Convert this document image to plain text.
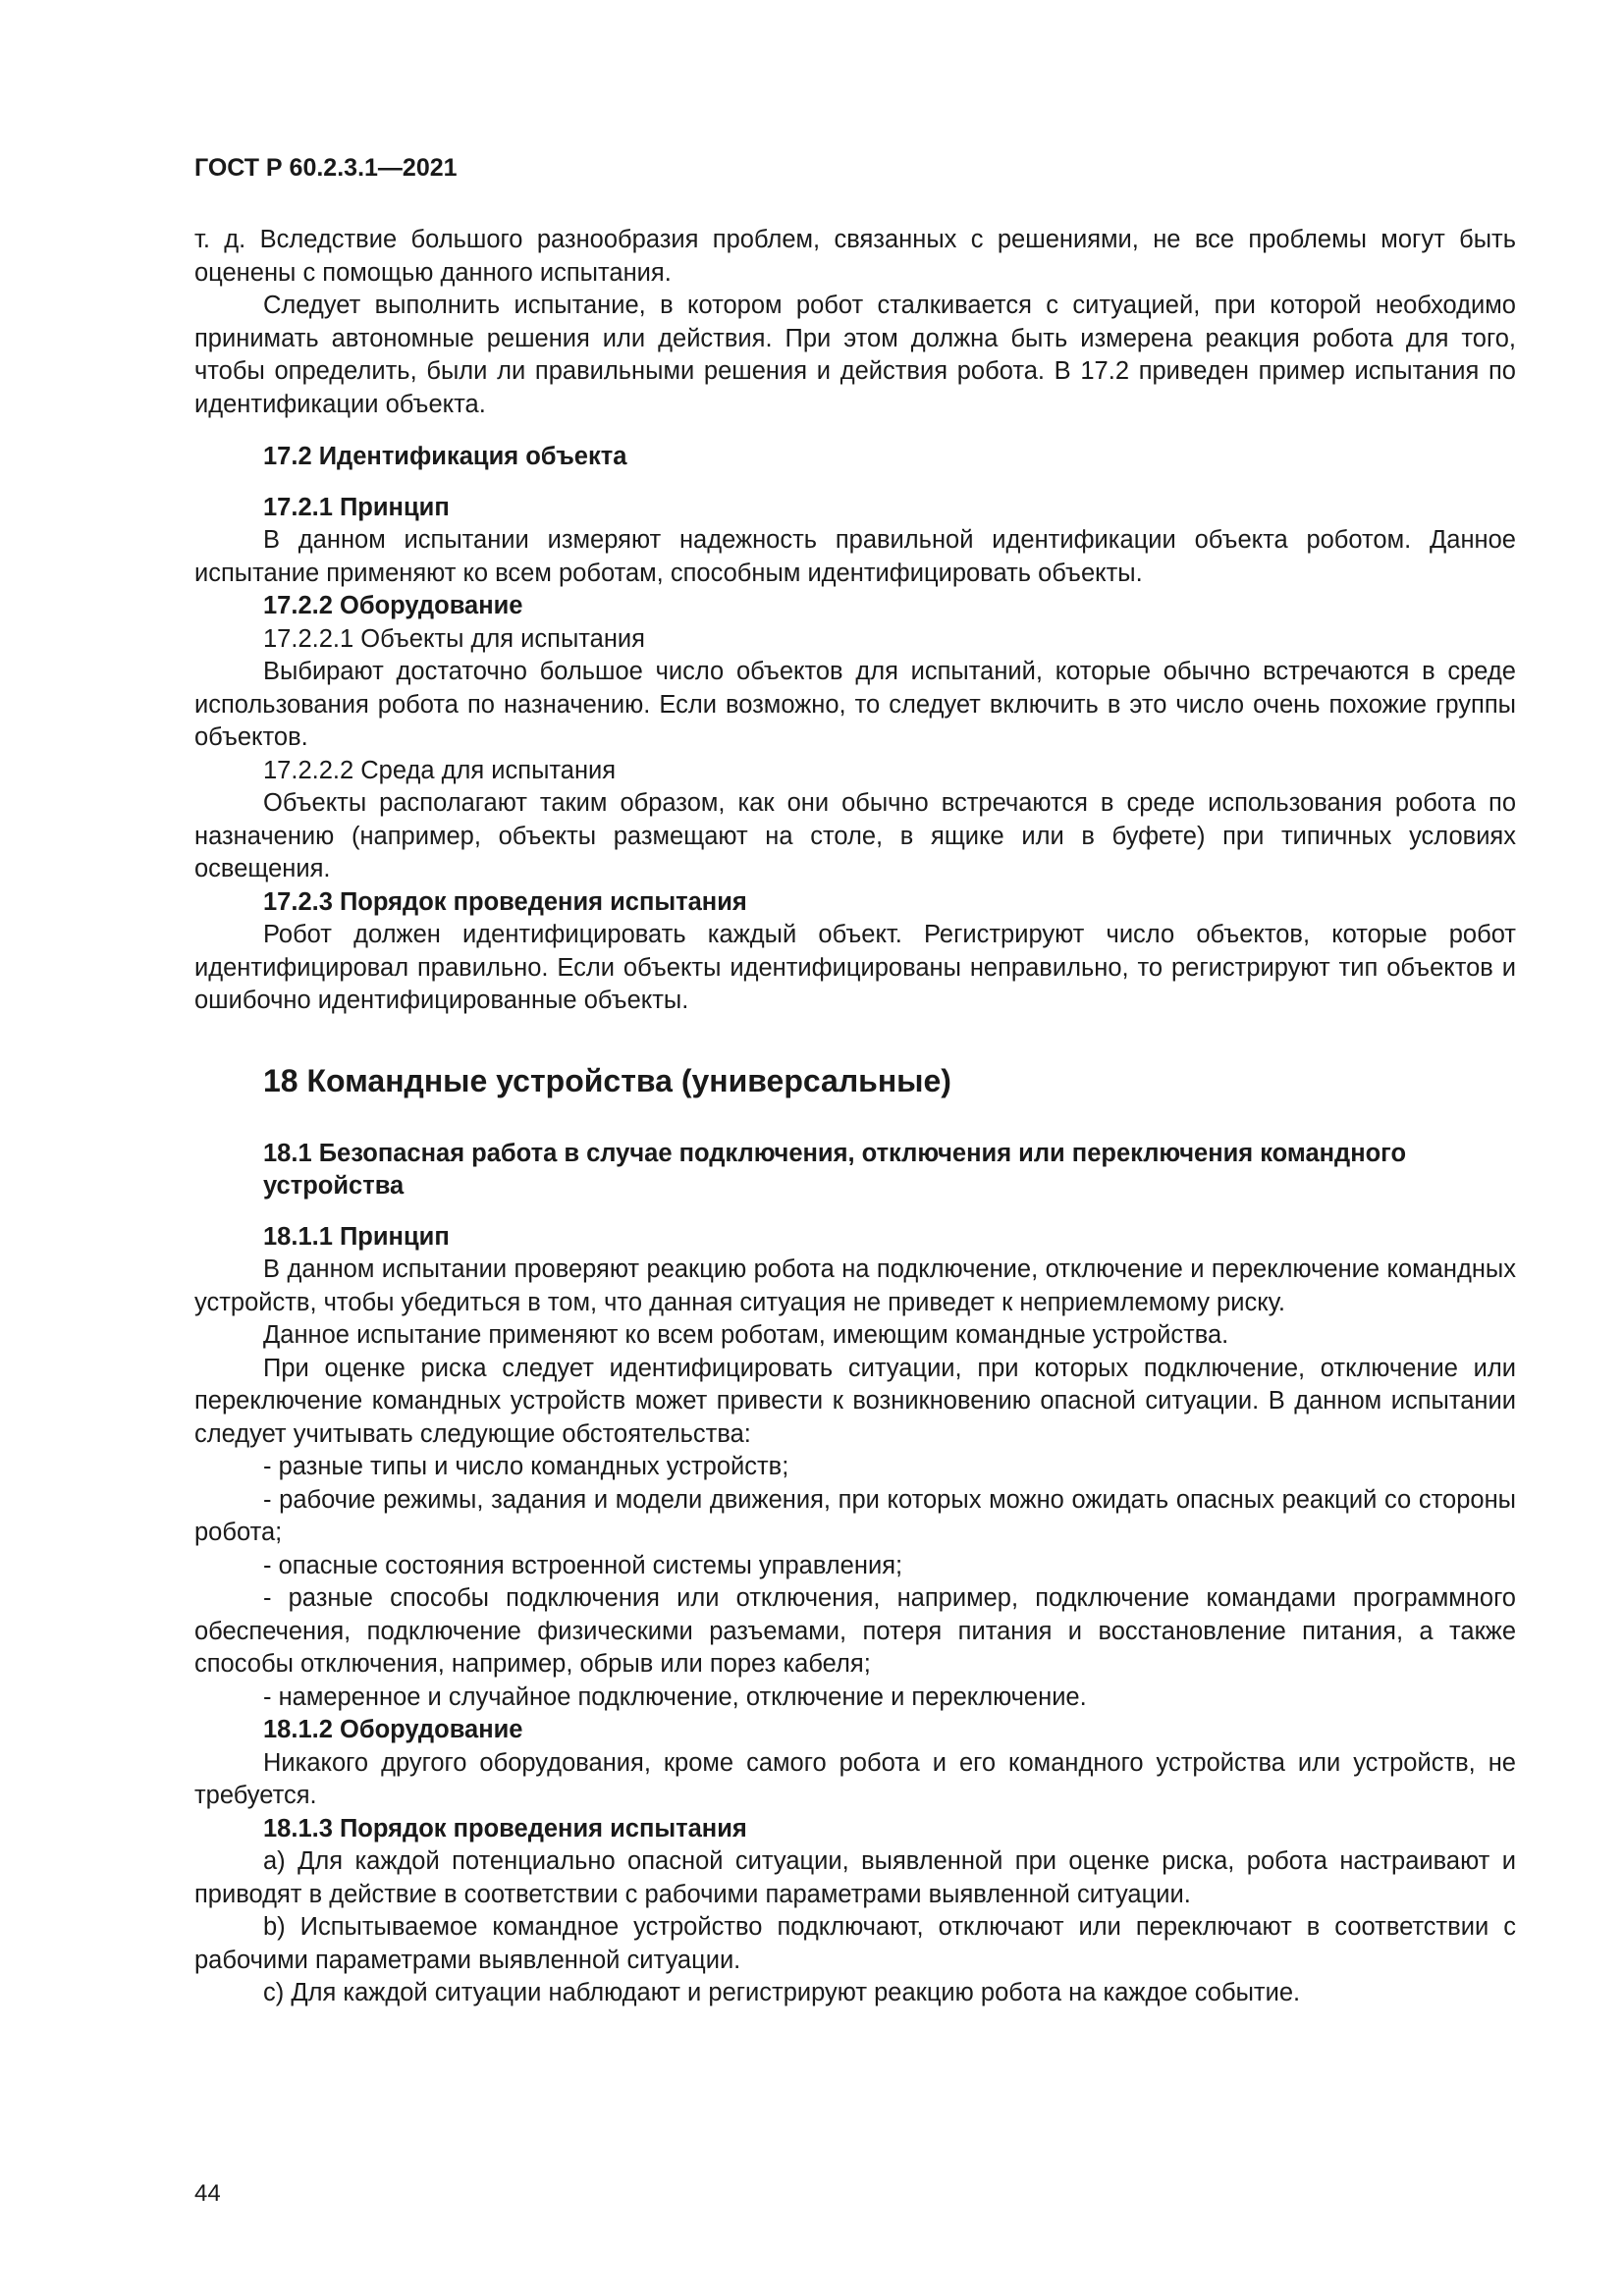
ГОСТ Р 60.2.3.1—2021

т. д. Вследствие большого разнообразия проблем, связанных с решениями, не все проблемы могут быть оценены с помощью данного испытания.

Следует выполнить испытание, в котором робот сталкивается с ситуацией, при которой необходимо принимать автономные решения или действия. При этом должна быть измерена реакция робота для того, чтобы определить, были ли правильными решения и действия робота. В 17.2 приведен пример испытания по идентификации объекта.

17.2 Идентификация объекта

17.2.1 Принцип

В данном испытании измеряют надежность правильной идентификации объекта роботом. Данное испытание применяют ко всем роботам, способным идентифицировать объекты.

17.2.2 Оборудование

17.2.2.1 Объекты для испытания

Выбирают достаточно большое число объектов для испытаний, которые обычно встречаются в среде использования робота по назначению. Если возможно, то следует включить в это число очень похожие группы объектов.

17.2.2.2 Среда для испытания

Объекты располагают таким образом, как они обычно встречаются в среде использования робота по назначению (например, объекты размещают на столе, в ящике или в буфете) при типичных условиях освещения.

17.2.3 Порядок проведения испытания

Робот должен идентифицировать каждый объект. Регистрируют число объектов, которые робот идентифицировал правильно. Если объекты идентифицированы неправильно, то регистрируют тип объектов и ошибочно идентифицированные объекты.

18 Командные устройства (универсальные)

18.1 Безопасная работа в случае подключения, отключения или переключения командного устройства

18.1.1 Принцип

В данном испытании проверяют реакцию робота на подключение, отключение и переключение командных устройств, чтобы убедиться в том, что данная ситуация не приведет к неприемлемому риску.

Данное испытание применяют ко всем роботам, имеющим командные устройства.

При оценке риска следует идентифицировать ситуации, при которых подключение, отключение или переключение командных устройств может привести к возникновению опасной ситуации. В данном испытании следует учитывать следующие обстоятельства:

- разные типы и число командных устройств;

- рабочие режимы, задания и модели движения, при которых можно ожидать опасных реакций со стороны робота;

- опасные состояния встроенной системы управления;

- разные способы подключения или отключения, например, подключение командами программного обеспечения, подключение физическими разъемами, потеря питания и восстановление питания, а также способы отключения, например, обрыв или порез кабеля;

- намеренное и случайное подключение, отключение и переключение.

18.1.2 Оборудование

Никакого другого оборудования, кроме самого робота и его командного устройства или устройств, не требуется.

18.1.3 Порядок проведения испытания

a) Для каждой потенциально опасной ситуации, выявленной при оценке риска, робота настраивают и приводят в действие в соответствии с рабочими параметрами выявленной ситуации.

b) Испытываемое командное устройство подключают, отключают или переключают в соответствии с рабочими параметрами выявленной ситуации.

c) Для каждой ситуации наблюдают и регистрируют реакцию робота на каждое событие.

44
